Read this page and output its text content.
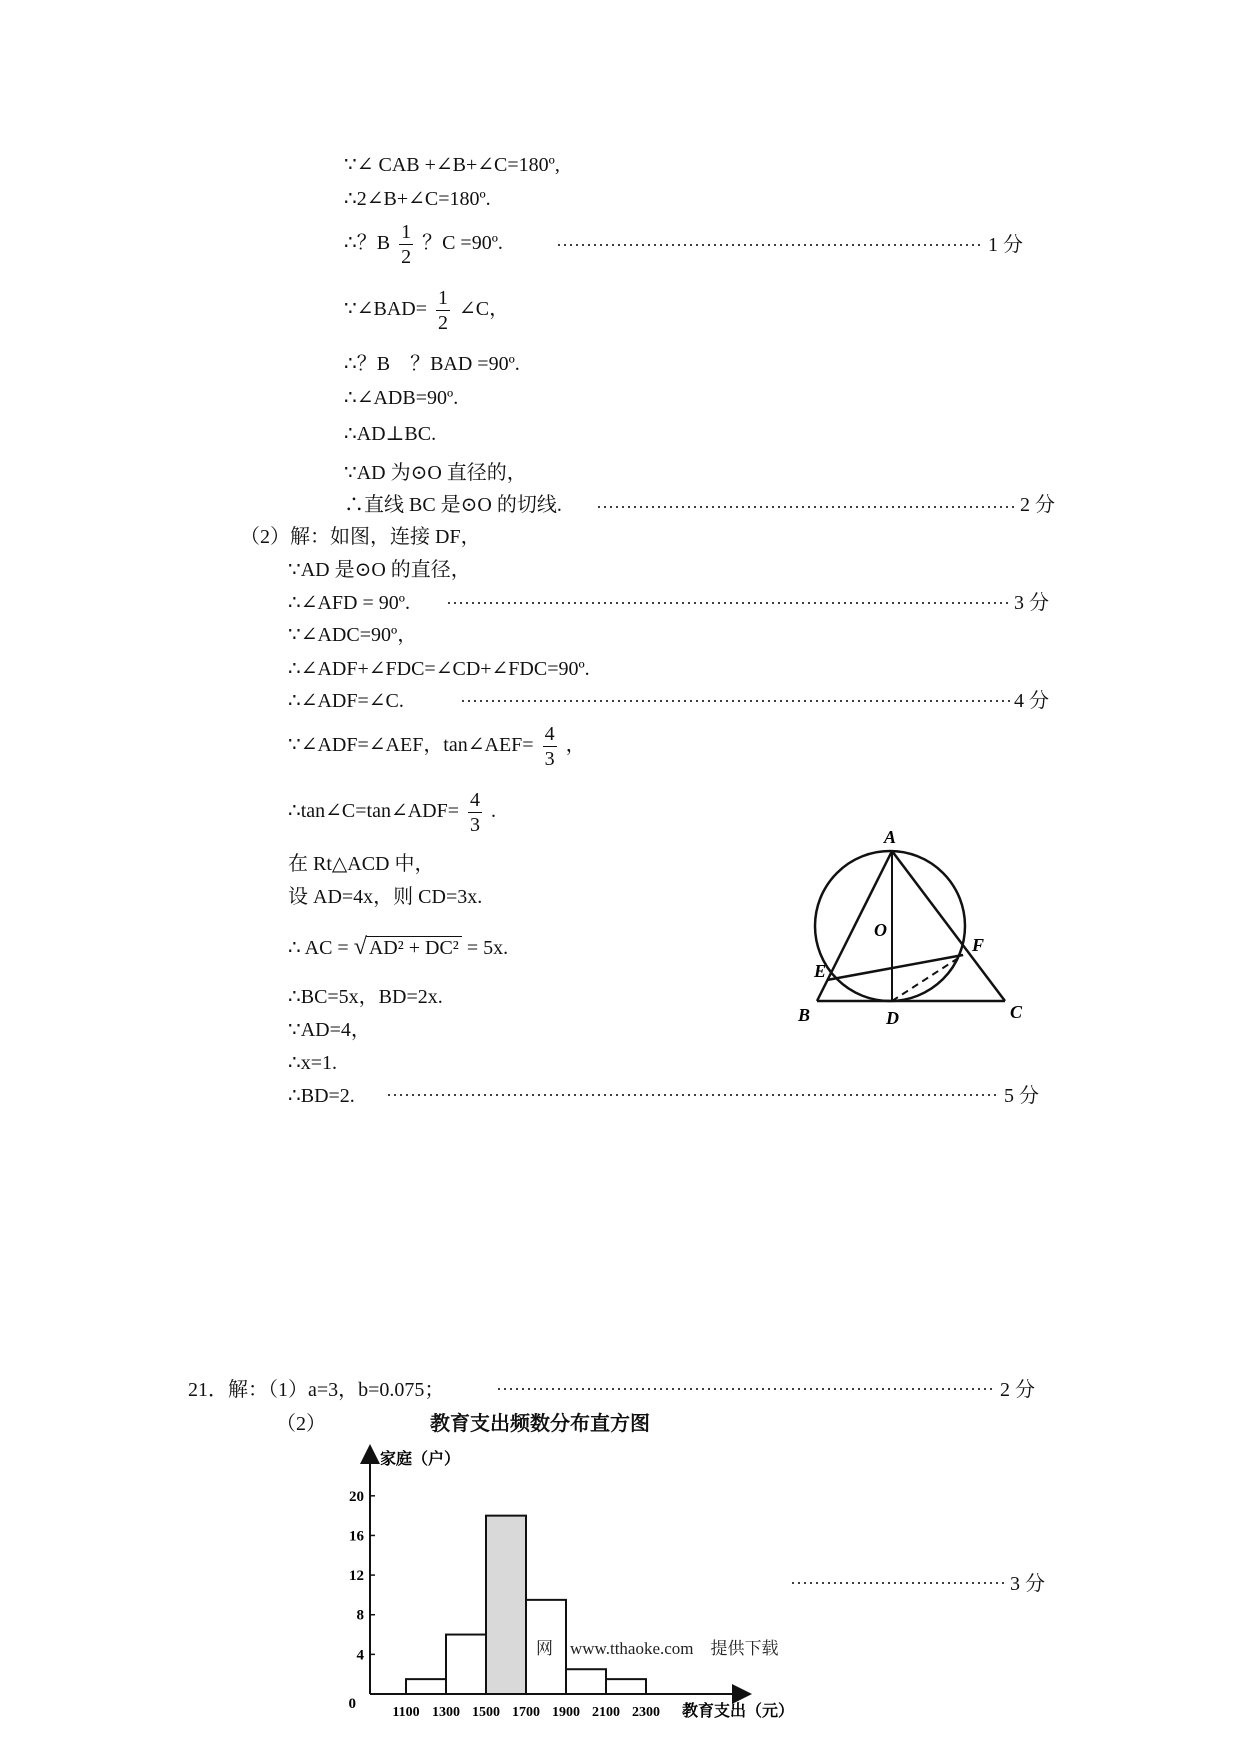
∵∠ CAB +∠B+∠C=180º,
∴2∠B+∠C=180º.
∴？B $\frac{1}{2}$ ？C =90º.	1 分
∵∠BAD= $\frac{1}{2}$ ∠C，
∴？B　？BAD =90º.
∴∠ADB=90º.
∴AD⊥BC.
∵AD 为⊙O 直径的，
∴直线 BC 是⊙O 的切线.	2 分
（2）解：如图，连接 DF，
∵AD 是⊙O 的直径，
∴∠AFD = 90º.	3 分
∵∠ADC=90º，
∴∠ADF+∠FDC=∠CD+∠FDC=90º.
∴∠ADF=∠C.	4 分
∵∠ADF=∠AEF，tan∠AEF= $\frac{4}{3}$ ，
∴tan∠C=tan∠ADF= $\frac{4}{3}$ .
在 Rt△ACD 中，
设 AD=4x，则 CD=3x.
∴ AC = √ AD² + DC² = 5x.
∴BC=5x，BD=2x.
∵AD=4，
∴x=1.
∴BD=2.	5 分
A
O
E
F
B	D	C
21．解：（1）a=3，b=0.075；	2 分
（2）	教育支出频数分布直方图
3 分
家庭（户）
教育支出（元）
0
4
8
12
16
20
1100 1300 1500 1700 1900 2100 2300
网　www.tthaoke.com　提供下载
